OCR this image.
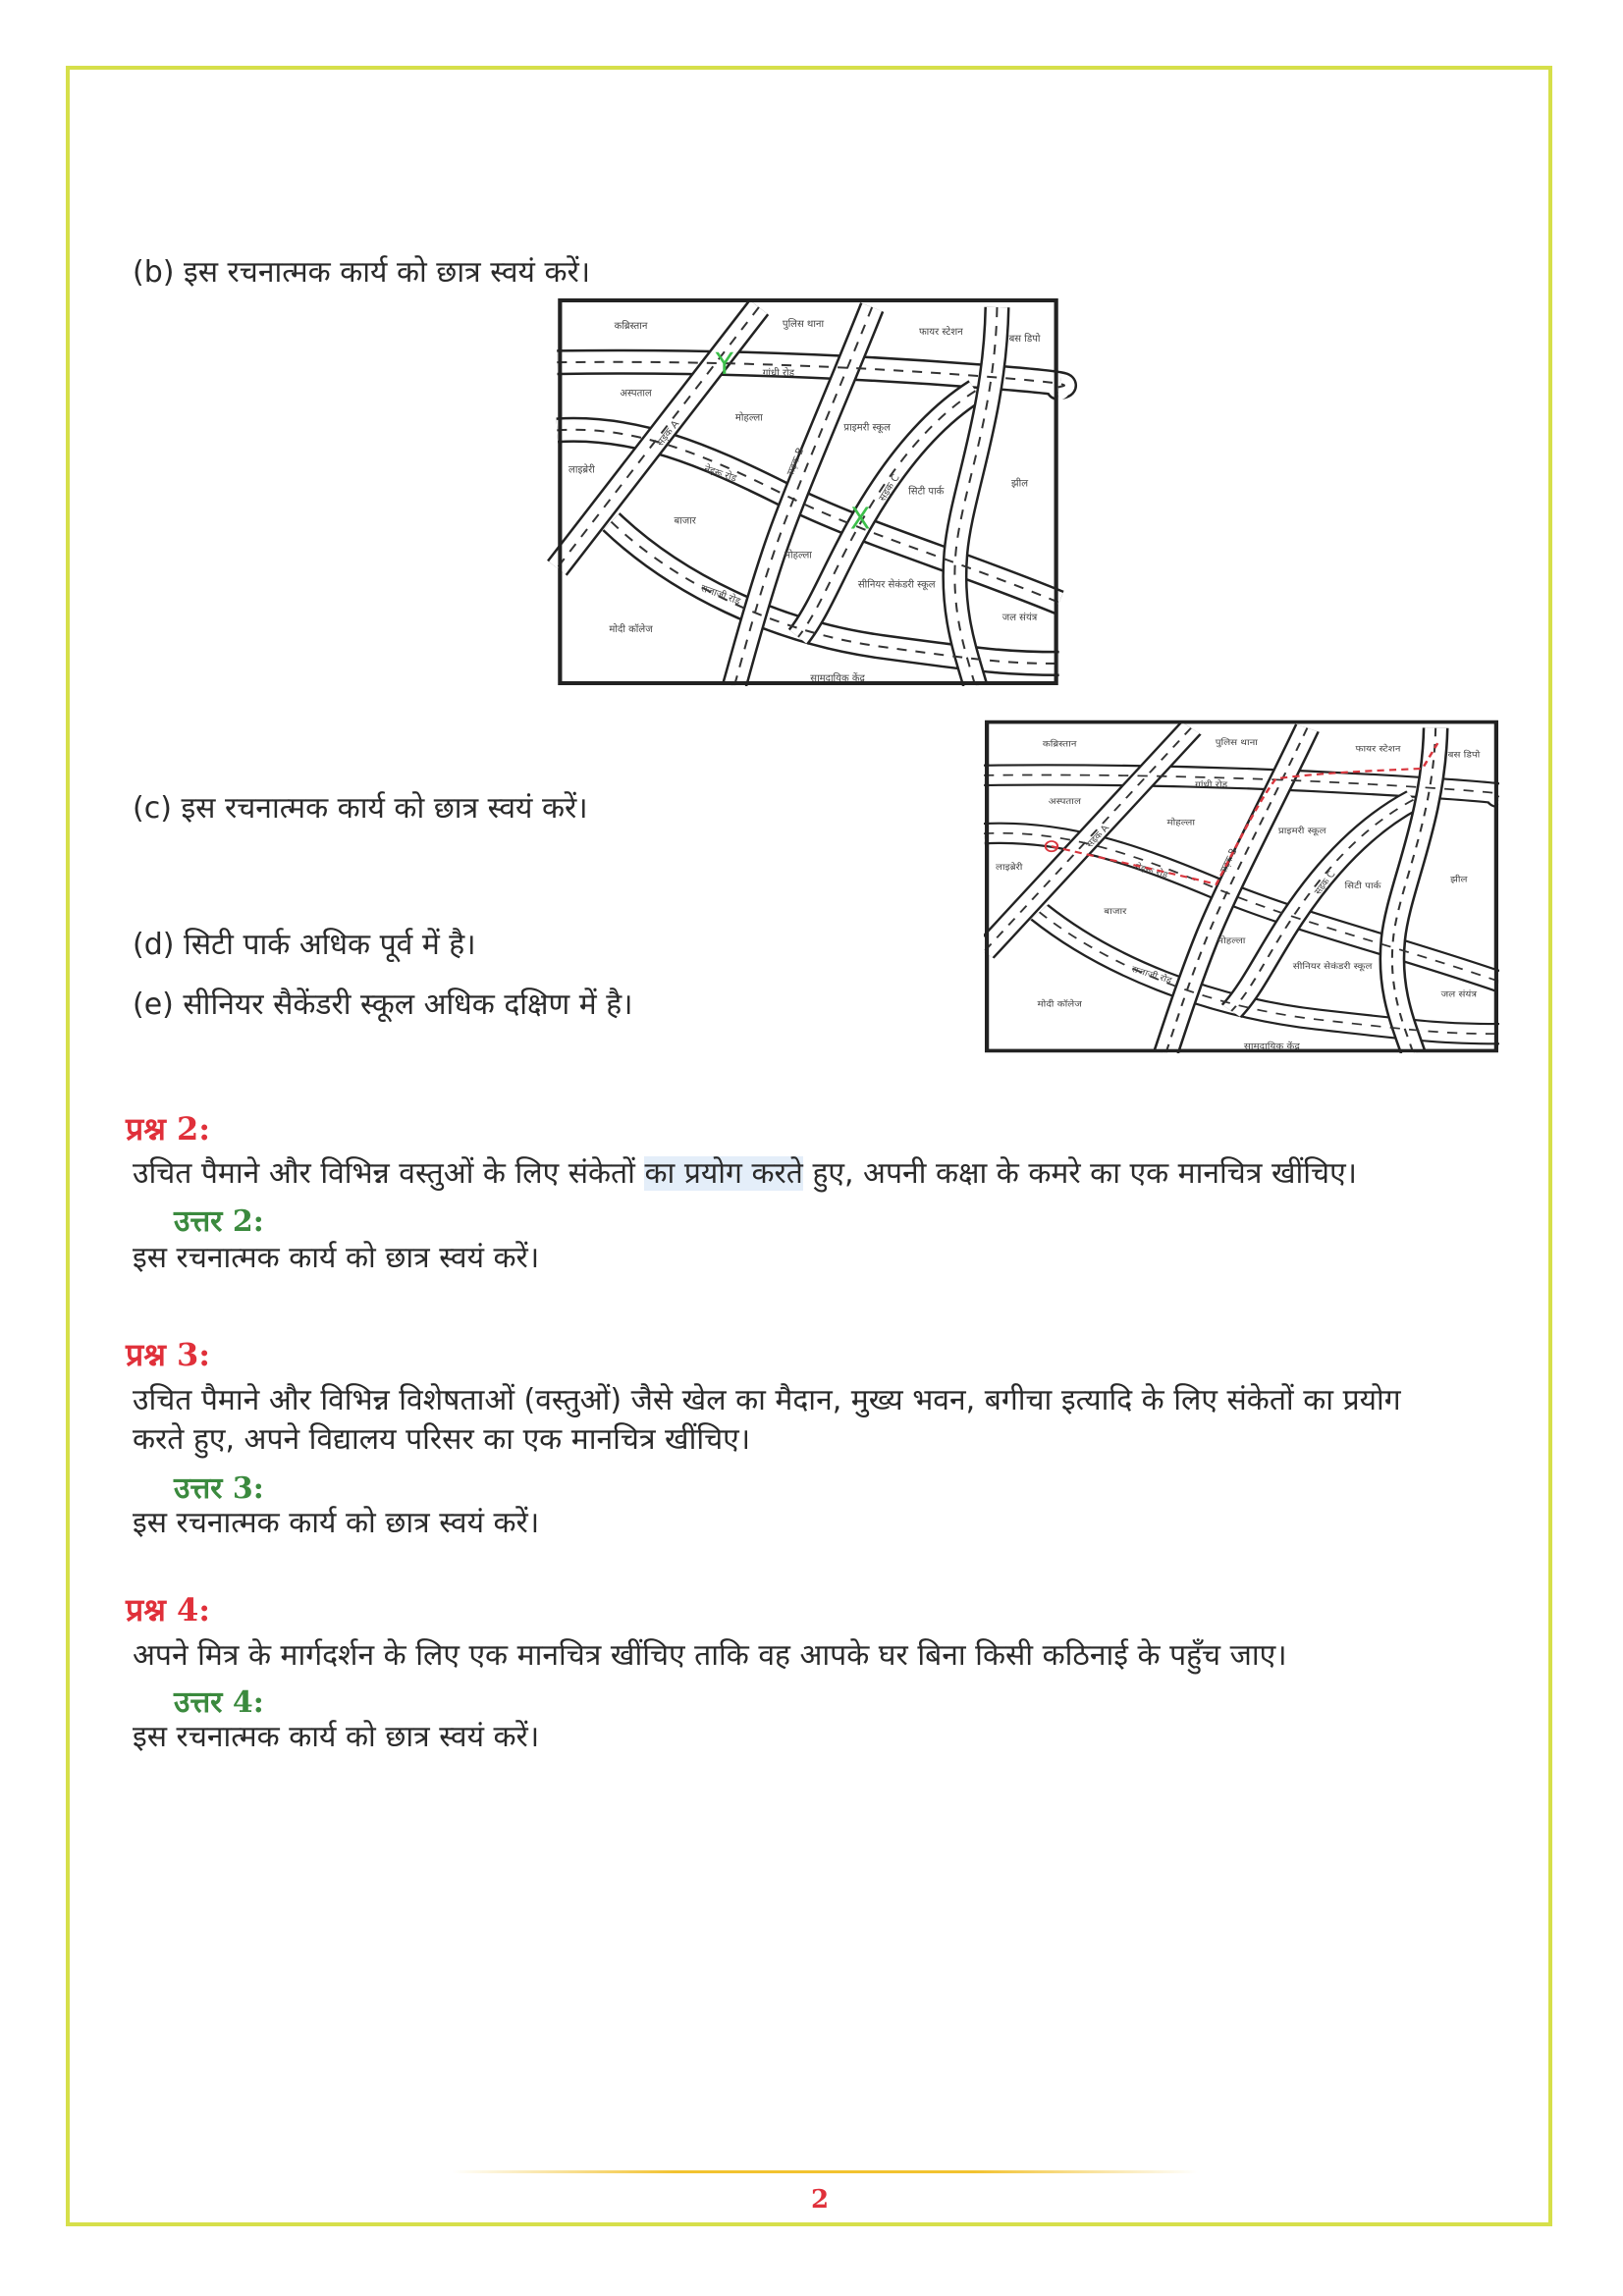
(b) इस रचनात्मक कार्य को छात्र स्वयं करें।
कब्रिस्तान	पुलिस थाना
फायर स्टेशन
बस डिपो
गांधी रोड
अस्पताल
मोहल्ला
प्राइमरी स्कूल
लाइब्रेरी	नेहरू रोड
सड़क A
सड़क B
सड़क C सिटी पार्क
झील
बाजार
मोहल्ला
सीनियर सेकंडरी स्कूल
राजाजी रोड
मोदी कॉलेज
जल संयंत्र
सामुदायिक केंद्र
Y
X
(c) इस रचनात्मक कार्य को छात्र स्वयं करें।
कब्रिस्तान	पुलिस थाना
फायर स्टेशन
बस डिपो
गांधी रोड
अस्पताल
मोहल्ला
प्राइमरी स्कूल
लाइब्रेरी	नेहरू रोड
सड़क A
सड़क B
सड़क C सिटी पार्क
झील
बाजार
मोहल्ला
सीनियर सेकंडरी स्कूल
राजाजी रोड
मोदी कॉलेज
जल संयंत्र
सामुदायिक केंद्र
(d) सिटी पार्क अधिक पूर्व में है।
(e) सीनियर सैकेंडरी स्कूल अधिक दक्षिण में है।
प्रश्न 2:
उचित पैमाने और विभिन्न वस्तुओं के लिए संकेतों का प्रयोग करते हुए, अपनी कक्षा के कमरे का एक मानचित्र खींचिए।
उत्तर 2:
इस रचनात्मक कार्य को छात्र स्वयं करें।
प्रश्न 3:
उचित पैमाने और विभिन्न विशेषताओं (वस्तुओं) जैसे खेल का मैदान, मुख्य भवन, बगीचा इत्यादि के लिए संकेतों का प्रयोग
करते हुए, अपने विद्यालय परिसर का एक मानचित्र खींचिए।
उत्तर 3:
इस रचनात्मक कार्य को छात्र स्वयं करें।
प्रश्न 4:
अपने मित्र के मार्गदर्शन के लिए एक मानचित्र खींचिए ताकि वह आपके घर बिना किसी कठिनाई के पहुँच जाए।
उत्तर 4:
इस रचनात्मक कार्य को छात्र स्वयं करें।
2
